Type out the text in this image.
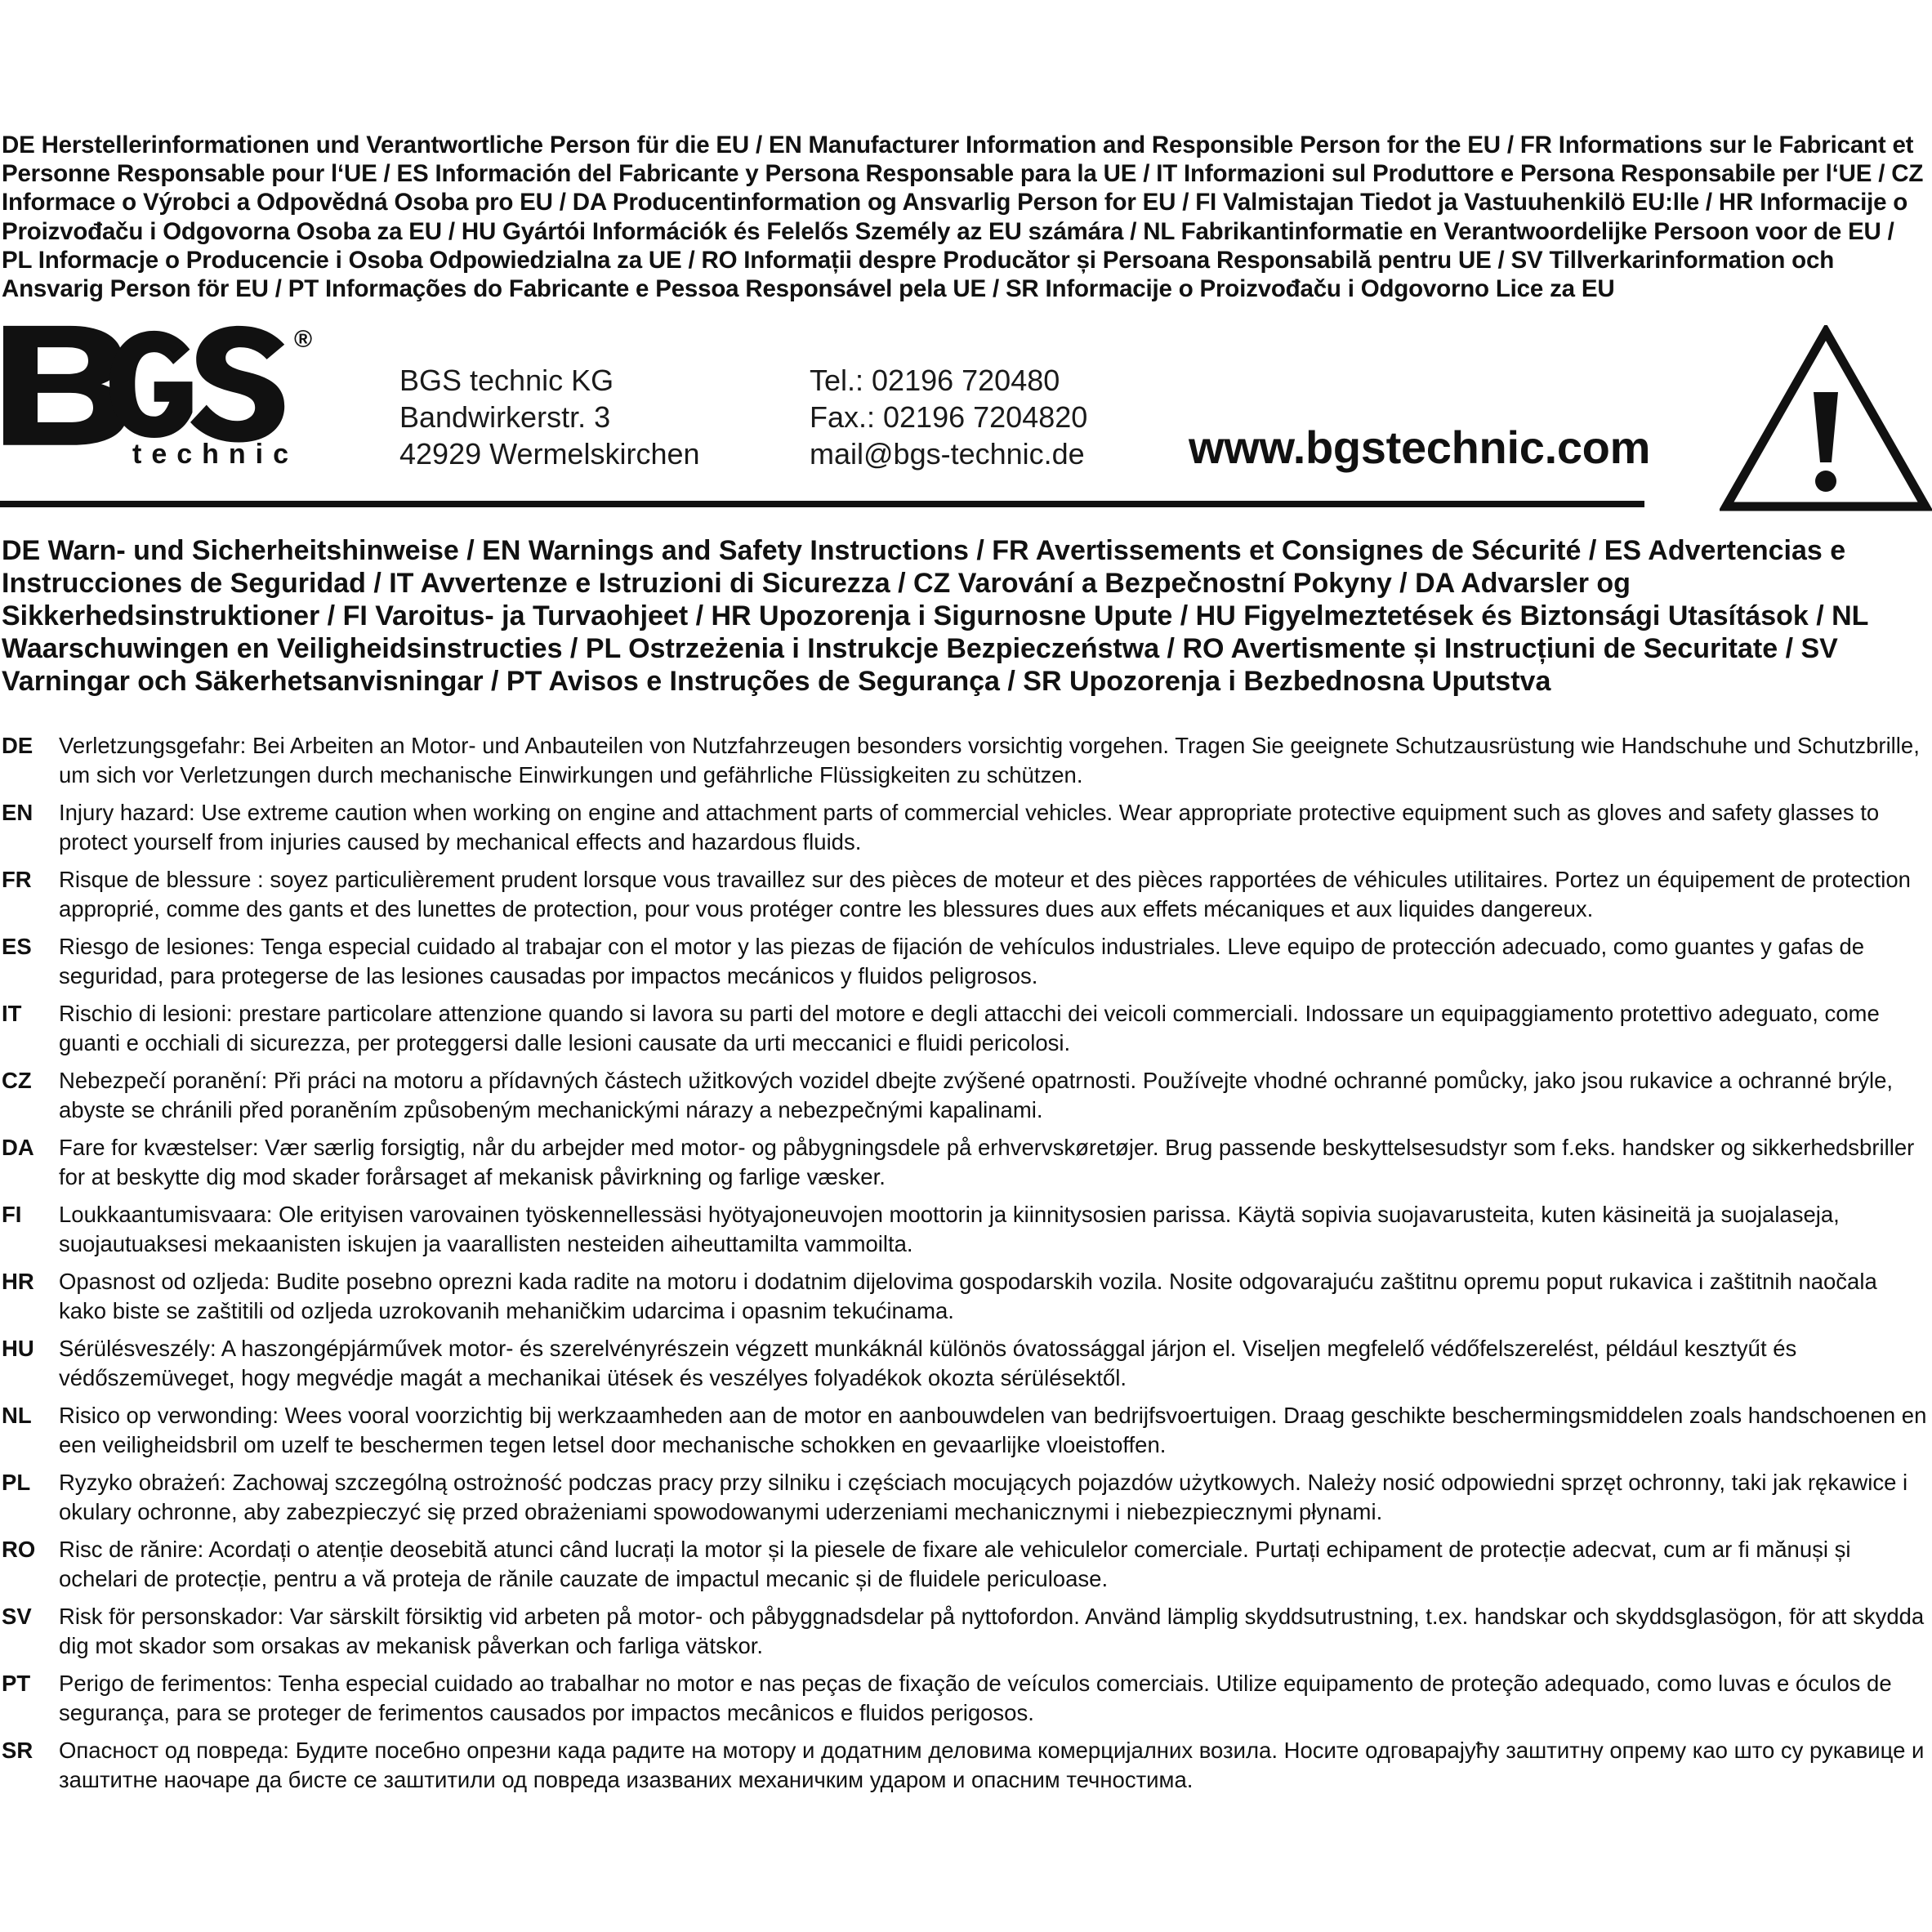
DE Herstellerinformationen und Verantwortliche Person für die EU / EN Manufacturer Information and Responsible Person for the EU / FR Informations sur le Fabricant et Personne Responsable pour l‘UE / ES Información del Fabricante y Persona Responsable para la UE / IT Informazioni sul Produttore e Persona Responsabile per l‘UE / CZ Informace o Výrobci a Odpovědná Osoba pro EU / DA Producentinformation og Ansvarlig Person for EU / FI Valmistajan Tiedot ja Vastuuhenkilö EU:lle / HR Informacije o Proizvođaču i Odgovorna Osoba za EU / HU Gyártói Információk és Felelős Személy az EU számára / NL Fabrikantinformatie en Verantwoordelijke Persoon voor de EU / PL Informacje o Producencie i Osoba Odpowiedzialna za UE / RO Informații despre Producător și Persoana Responsabilă pentru UE / SV Tillverkarinformation och Ansvarig Person för EU / PT Informações do Fabricante e Pessoa Responsável pela UE / SR Informacije o Proizvođaču i Odgovorno Lice za EU
®
technic
BGS technic KG
Bandwirkerstr. 3
42929 Wermelskirchen
Tel.: 02196 720480
Fax.: 02196 7204820
mail@bgs-technic.de www.bgstechnic.com
DE Warn- und Sicherheitshinweise / EN Warnings and Safety Instructions / FR Avertissements et Consignes de Sécurité / ES Advertencias e Instrucciones de Seguridad / IT Avvertenze e Istruzioni di Sicurezza / CZ Varování a Bezpečnostní Pokyny / DA Advarsler og Sikkerhedsinstruktioner / FI Varoitus- ja Turvaohjeet / HR Upozorenja i Sigurnosne Upute / HU Figyelmeztetések és Biztonsági Utasítások / NL Waarschuwingen en Veiligheidsinstructies / PL Ostrzeżenia i Instrukcje Bezpieczeństwa / RO Avertismente și Instrucțiuni de Securitate / SV Varningar och Säkerhetsanvisningar / PT Avisos e Instruções de Segurança / SR Upozorenja i Bezbednosna Uputstva
DE	Verletzungsgefahr: Bei Arbeiten an Motor- und Anbauteilen von Nutzfahrzeugen besonders vorsichtig vorgehen. Tragen Sie geeignete Schutzausrüstung wie Handschuhe und Schutzbrille, um sich vor Verletzungen durch mechanische Einwirkungen und gefährliche Flüssigkeiten zu schützen.
EN	Injury hazard: Use extreme caution when working on engine and attachment parts of commercial vehicles. Wear appropriate protective equipment such as gloves and safety glasses to protect yourself from injuries caused by mechanical effects and hazardous fluids.
FR	Risque de blessure : soyez particulièrement prudent lorsque vous travaillez sur des pièces de moteur et des pièces rapportées de véhicules utilitaires. Portez un équipement de protection approprié, comme des gants et des lunettes de protection, pour vous protéger contre les blessures dues aux effets mécaniques et aux liquides dangereux.
ES	Riesgo de lesiones: Tenga especial cuidado al trabajar con el motor y las piezas de fijación de vehículos industriales. Lleve equipo de protección adecuado, como guantes y gafas de seguridad, para protegerse de las lesiones causadas por impactos mecánicos y fluidos peligrosos.
IT	Rischio di lesioni: prestare particolare attenzione quando si lavora su parti del motore e degli attacchi dei veicoli commerciali. Indossare un equipaggiamento protettivo adeguato, come guanti e occhiali di sicurezza, per proteggersi dalle lesioni causate da urti meccanici e fluidi pericolosi.
CZ	Nebezpečí poranění: Při práci na motoru a přídavných částech užitkových vozidel dbejte zvýšené opatrnosti. Používejte vhodné ochranné pomůcky, jako jsou rukavice a ochranné brýle, abyste se chránili před poraněním způsobeným mechanickými nárazy a nebezpečnými kapalinami.
DA	Fare for kvæstelser: Vær særlig forsigtig, når du arbejder med motor- og påbygningsdele på erhvervskøretøjer. Brug passende beskyttelsesudstyr som f.eks. handsker og sikkerhedsbriller for at beskytte dig mod skader forårsaget af mekanisk påvirkning og farlige væsker.
FI	Loukkaantumisvaara: Ole erityisen varovainen työskennellessäsi hyötyajoneuvojen moottorin ja kiinnitysosien parissa. Käytä sopivia suojavarusteita, kuten käsineitä ja suojalaseja, suojautuaksesi mekaanisten iskujen ja vaarallisten nesteiden aiheuttamilta vammoilta.
HR	Opasnost od ozljeda: Budite posebno oprezni kada radite na motoru i dodatnim dijelovima gospodarskih vozila. Nosite odgovarajuću zaštitnu opremu poput rukavica i zaštitnih naočala kako biste se zaštitili od ozljeda uzrokovanih mehaničkim udarcima i opasnim tekućinama.
HU	Sérülésveszély: A haszongépjárművek motor- és szerelvényrészein végzett munkáknál különös óvatossággal járjon el. Viseljen megfelelő védőfelszerelést, például kesztyűt és védőszemüveget, hogy megvédje magát a mechanikai ütések és veszélyes folyadékok okozta sérülésektől.
NL	Risico op verwonding: Wees vooral voorzichtig bij werkzaamheden aan de motor en aanbouwdelen van bedrijfsvoertuigen. Draag geschikte beschermingsmiddelen zoals handschoenen en een veiligheidsbril om uzelf te beschermen tegen letsel door mechanische schokken en gevaarlijke vloeistoffen.
PL	Ryzyko obrażeń: Zachowaj szczególną ostrożność podczas pracy przy silniku i częściach mocujących pojazdów użytkowych. Należy nosić odpowiedni sprzęt ochronny, taki jak rękawice i okulary ochronne, aby zabezpieczyć się przed obrażeniami spowodowanymi uderzeniami mechanicznymi i niebezpiecznymi płynami.
RO	Risc de rănire: Acordați o atenție deosebită atunci când lucrați la motor și la piesele de fixare ale vehiculelor comerciale. Purtați echipament de protecție adecvat, cum ar fi mănuși și ochelari de protecție, pentru a vă proteja de rănile cauzate de impactul mecanic și de fluidele periculoase.
SV	Risk för personskador: Var särskilt försiktig vid arbeten på motor- och påbyggnadsdelar på nyttofordon. Använd lämplig skyddsutrustning, t.ex. handskar och skyddsglasögon, för att skydda dig mot skador som orsakas av mekanisk påverkan och farliga vätskor.
PT	Perigo de ferimentos: Tenha especial cuidado ao trabalhar no motor e nas peças de fixação de veículos comerciais. Utilize equipamento de proteção adequado, como luvas e óculos de segurança, para se proteger de ferimentos causados por impactos mecânicos e fluidos perigosos.
SR	Опасност од повреда: Будите посебно опрезни када радите на мотору и додатним деловима комерцијалних возила. Носите одговарајућу заштитну опрему као што су рукавице и заштитне наочаре да бисте се заштитили од повреда изазваних механичким ударом и опасним течностима.
